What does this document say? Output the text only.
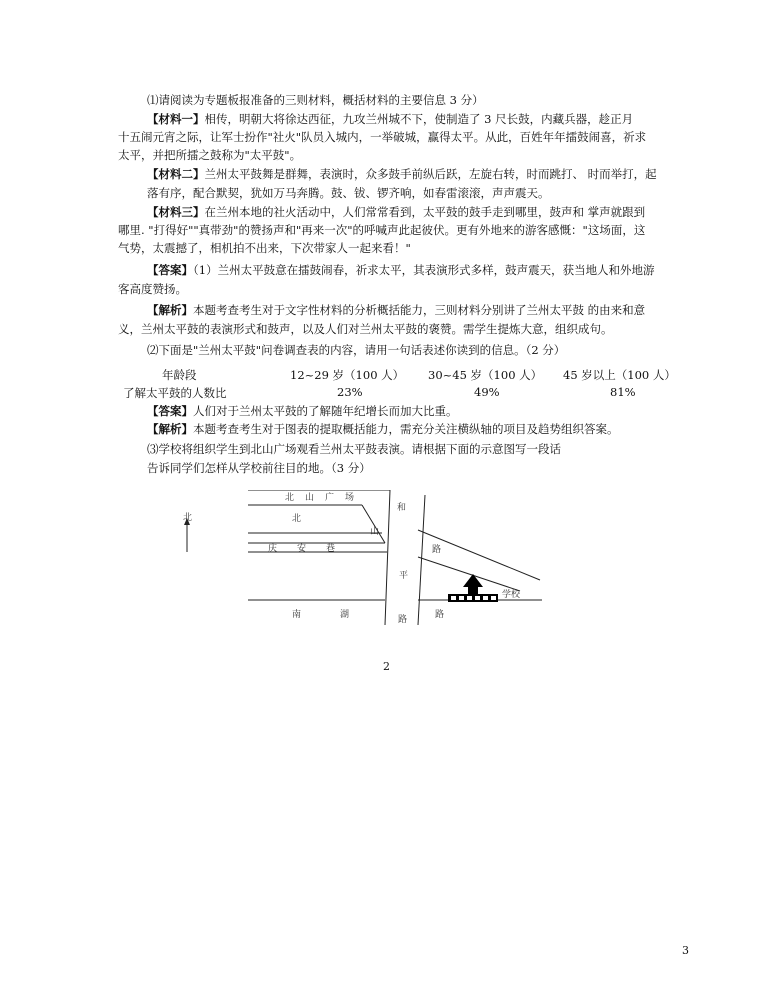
⑴请阅读为专题板报准备的三则材料，概括材料的主要信息 3 分）
【材料一】相传，明朝大将徐达西征，九攻兰州城不下，使制造了 3 尺长鼓，内藏兵器，趁正月
十五闹元宵之际，让军士扮作"社火"队员入城内，一举破城，赢得太平。从此，百姓年年擂鼓闹喜，祈求
太平，并把所擂之鼓称为"太平鼓"。
【材料二】兰州太平鼓舞是群舞，表演时，众多鼓手前纵后跃，左旋右转，时而跳打、 时而举打，起
落有序，配合默契，犹如万马奔腾。鼓、钹、锣齐响，如春雷滚滚，声声震天。
【材料三】在兰州本地的社火活动中，人们常常看到，太平鼓的鼓手走到哪里，鼓声和 掌声就跟到
哪里. "打得好""真带劲"的赞扬声和"再来一次"的呼喊声此起彼伏。更有外地来的游客感慨："这场面，这
气势，太震撼了，相机拍不出来，下次带家人一起来看！"
【答案】（1）兰州太平鼓意在擂鼓闹春，祈求太平，其表演形式多样，鼓声震天，获当地人和外地游
客高度赞扬。
【解析】本题考查考生对于文字性材料的分析概括能力，三则材料分别讲了兰州太平鼓 的由来和意
义，兰州太平鼓的表演形式和鼓声，以及人们对兰州太平鼓的褒赞。需学生提炼大意，组织成句。
⑵下面是"兰州太平鼓"问卷调查表的内容，请用一句话表述你读到的信息。（2 分）
年龄段	12~29 岁（100 人） 30~45 岁（100 人） 45 岁以上（100 人）
了解太平鼓的人数比	23%	49%	81%
【答案】人们对于兰州太平鼓的了解随年纪增长而加大比重。
【解析】本题考查考生对于图表的提取概括能力，需充分关注横纵轴的项目及趋势组织答案。
⑶学校将组织学生到北山广场观看兰州太平鼓表演。请根据下面的示意图写一段话
告诉同学们怎样从学校前往目的地。（3 分）
北
北 山 广 场
北
山
庆 安 巷
和
平
路
路
南	湖	路
学校
2
3
